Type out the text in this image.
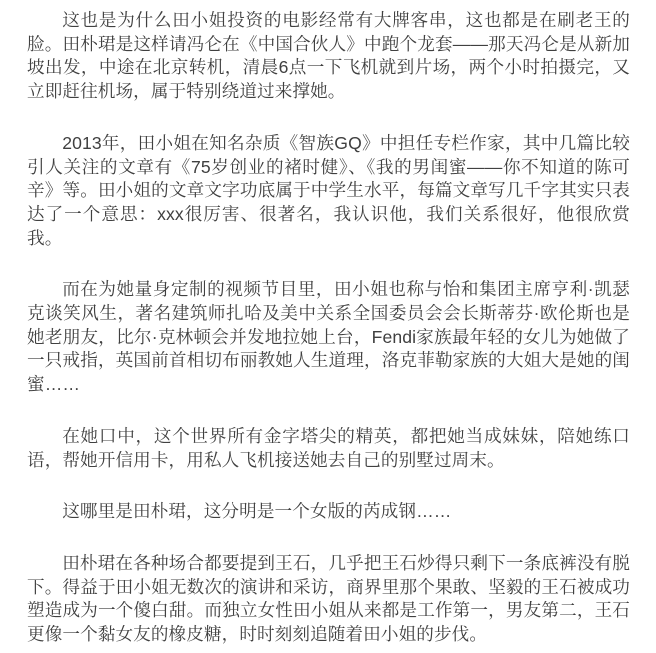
这也是为什么田小姐投资的电影经常有大牌客串，这也都是在刷老王的脸。田朴珺是这样请冯仑在《中国合伙人》中跑个龙套——那天冯仑是从新加坡出发，中途在北京转机，清晨6点一下飞机就到片场，两个小时拍摄完，又立即赶往机场，属于特别绕道过来撑她。

2013年，田小姐在知名杂质《智族GQ》中担任专栏作家，其中几篇比较引人关注的文章有《75岁创业的褚时健》、《我的男闺蜜——你不知道的陈可辛》等。田小姐的文章文字功底属于中学生水平，每篇文章写几千字其实只表达了一个意思：xxx很厉害、很著名，我认识他，我们关系很好，他很欣赏我。

而在为她量身定制的视频节目里，田小姐也称与怡和集团主席亨利·凯瑟克谈笑风生，著名建筑师扎哈及美中关系全国委员会会长斯蒂芬·欧伦斯也是她老朋友，比尔·克林顿会并发地拉她上台，Fendi家族最年轻的女儿为她做了一只戒指，英国前首相切布丽教她人生道理，洛克菲勒家族的大姐大是她的闺蜜……

在她口中，这个世界所有金字塔尖的精英，都把她当成妹妹，陪她练口语，帮她开信用卡，用私人飞机接送她去自己的别墅过周末。

这哪里是田朴珺，这分明是一个女版的芮成钢……

田朴珺在各种场合都要提到王石，几乎把王石炒得只剩下一条底裤没有脱下。得益于田小姐无数次的演讲和采访，商界里那个果敢、坚毅的王石被成功塑造成为一个傻白甜。而独立女性田小姐从来都是工作第一，男友第二，王石更像一个黏女友的橡皮糖，时时刻刻追随着田小姐的步伐。
